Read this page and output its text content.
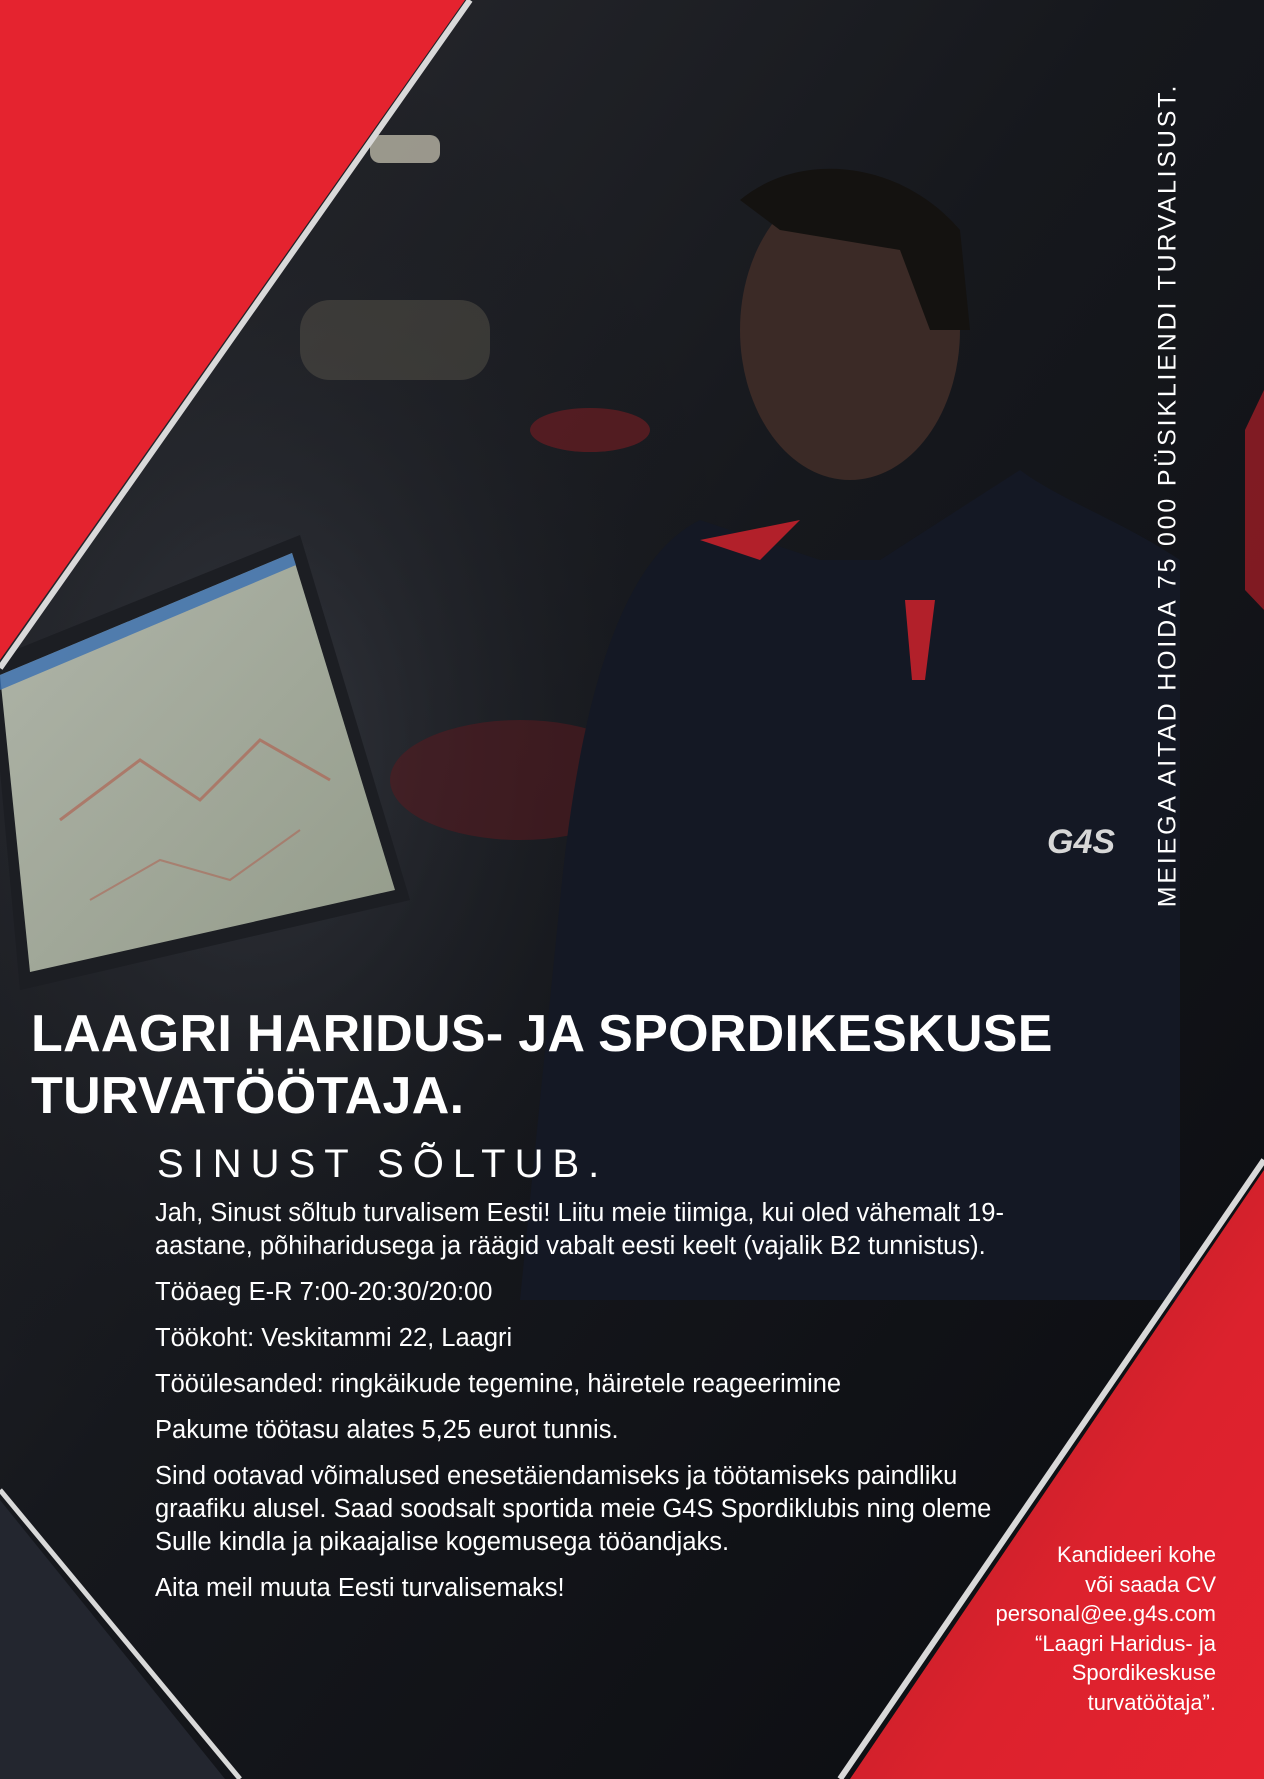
G4S MEIEGA AITAD HOIDA 75 000 PÜSIKLIENDI TURVALISUST.
LAAGRI HARIDUS- JA SPORDIKESKUSE
TURVATÖÖTAJA.
SINUST SÕLTUB.

Jah, Sinust sõltub turvalisem Eesti! Liitu meie tiimiga, kui oled vähemalt 19-aastane, põhiharidusega ja räägid vabalt eesti keelt (vajalik B2 tunnistus).

Tööaeg E-R 7:00-20:30/20:00

Töökoht: Veskitammi 22, Laagri

Tööülesanded: ringkäikude tegemine, häiretele reageerimine

Pakume töötasu alates 5,25 eurot tunnis.

Sind ootavad võimalused enesetäiendamiseks ja töötamiseks paindliku graafiku alusel. Saad soodsalt sportida meie G4S Spordiklubis ning oleme Sulle kindla ja pikaajalise kogemusega tööandjaks.

Aita meil muuta Eesti turvalisemaks!

Kandideeri kohe
või saada CV
personal@ee.g4s.com
“Laagri Haridus- ja
Spordikeskuse
turvatöötaja”.
